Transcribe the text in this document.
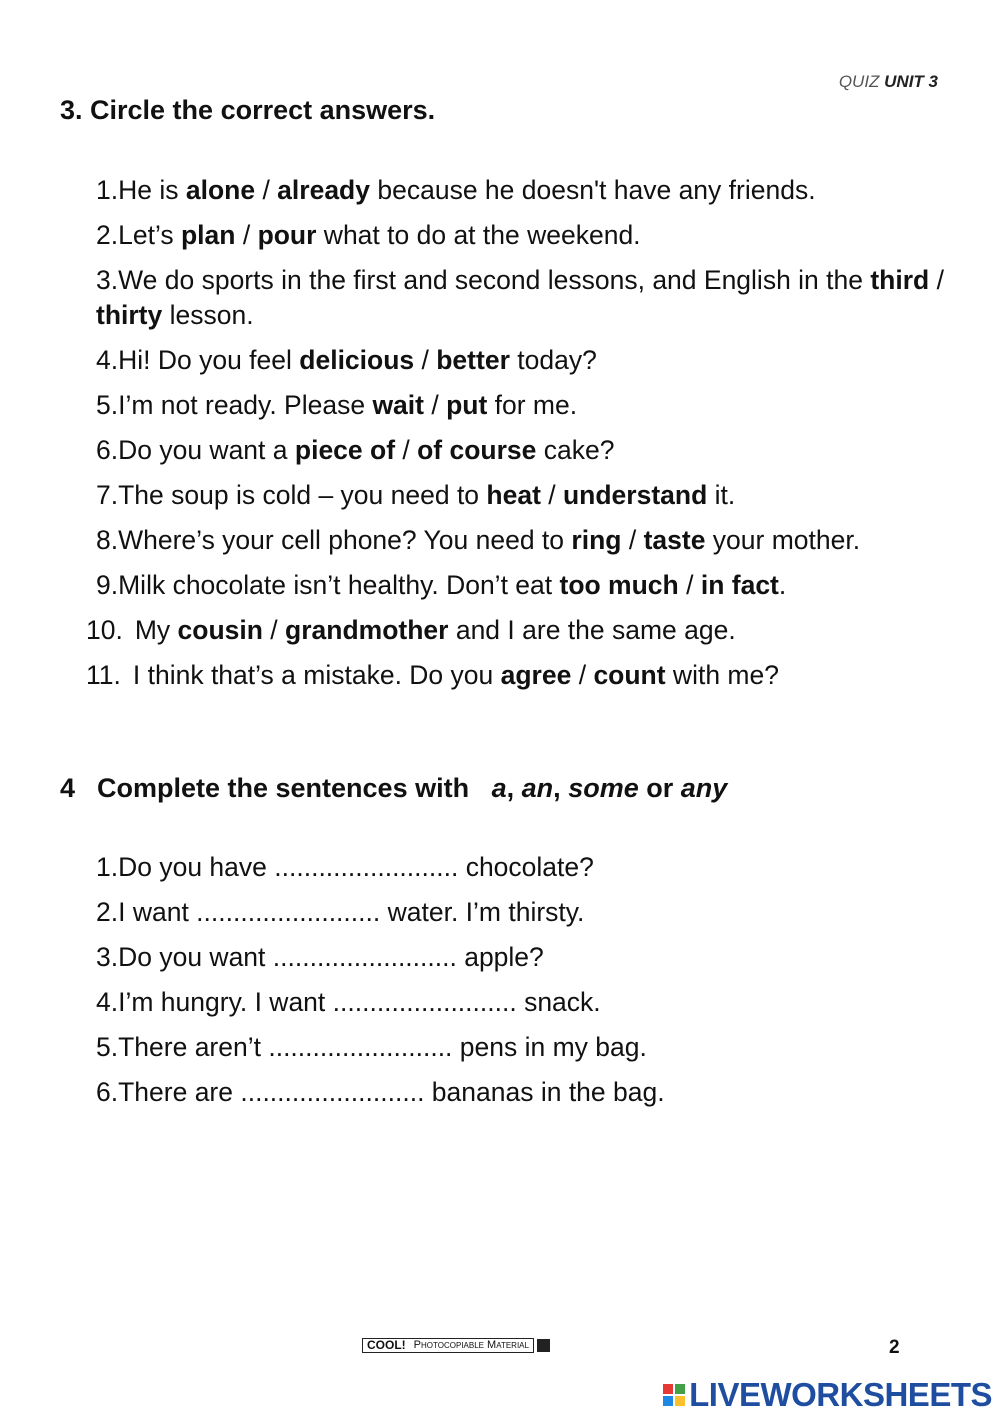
QUIZ UNIT 3
3. Circle the correct answers.
1.He is alone / already because he doesn't have any friends.
2.Let’s plan / pour what to do at the weekend.
3.We do sports in the first and second lessons, and English in the third / thirty lesson.
4.Hi! Do you feel delicious / better today?
5.I’m not ready. Please wait / put for me.
6.Do you want a piece of / of course cake?
7.The soup is cold – you need to heat / understand it.
8.Where’s your cell phone? You need to ring / taste your mother.
9.Milk chocolate isn’t healthy. Don’t eat too much / in fact.
10. My cousin / grandmother and I are the same age.
11. I think that’s a mistake. Do you agree / count with me?
4 Complete the sentences with a, an, some or any
1.Do you have ......................... chocolate?
2.I want ......................... water. I’m thirsty.
3.Do you want ......................... apple?
4.I’m hungry. I want ......................... snack.
5.There aren’t ......................... pens in my bag.
6.There are ......................... bananas in the bag.
COOL! Photocopiable Material	2
LIVEWORKSHEETS
